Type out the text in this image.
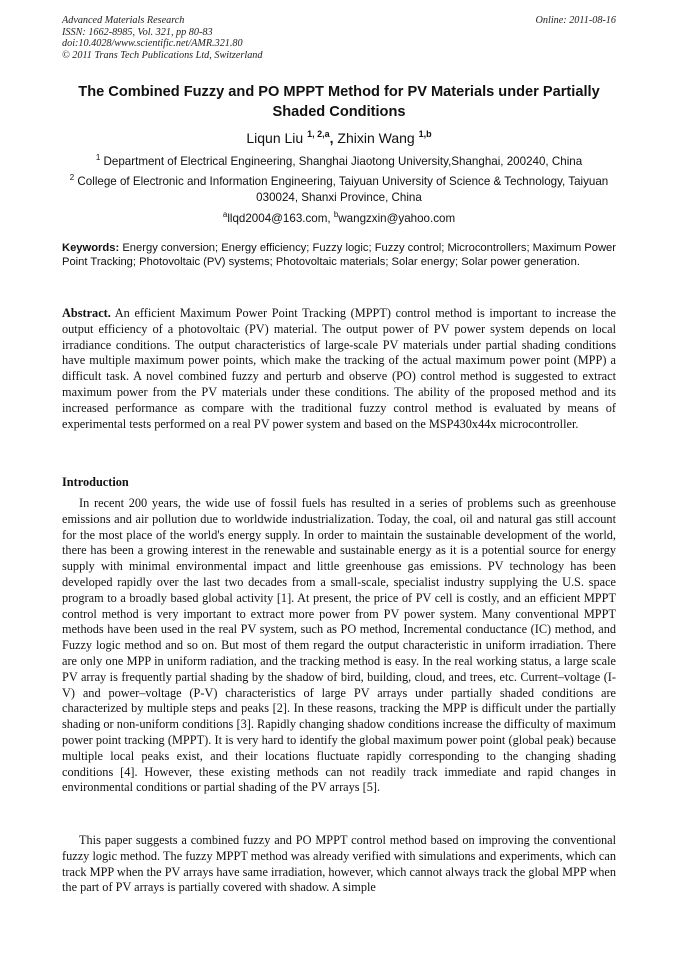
Advanced Materials Research
ISSN: 1662-8985, Vol. 321, pp 80-83
doi:10.4028/www.scientific.net/AMR.321.80
© 2011 Trans Tech Publications Ltd, Switzerland
Online: 2011-08-16
The Combined Fuzzy and PO MPPT Method for PV Materials under Partially Shaded Conditions
Liqun Liu $^{1, 2,a}$, Zhixin Wang $^{1,b}$
$^1$ Department of Electrical Engineering, Shanghai Jiaotong University,Shanghai, 200240, China
$^2$ College of Electronic and Information Engineering, Taiyuan University of Science & Technology, Taiyuan 030024, Shanxi Province, China
$^a$llqd2004@163.com, $^b$wangzxin@yahoo.com
Keywords: Energy conversion; Energy efficiency; Fuzzy logic; Fuzzy control; Microcontrollers; Maximum Power Point Tracking; Photovoltaic (PV) systems; Photovoltaic materials; Solar energy; Solar power generation.

Abstract. An efficient Maximum Power Point Tracking (MPPT) control method is important to increase the output efficiency of a photovoltaic (PV) material. The output power of PV power system depends on local irradiance conditions. The output characteristics of large-scale PV materials under partial shading conditions have multiple maximum power points, which make the tracking of the actual maximum power point (MPP) a difficult task. A novel combined fuzzy and perturb and observe (PO) control method is suggested to extract maximum power from the PV materials under these conditions. The ability of the proposed method and its increased performance as compare with the traditional fuzzy control method is evaluated by means of experimental tests performed on a real PV power system and based on the MSP430x44x microcontroller.

Introduction

In recent 200 years, the wide use of fossil fuels has resulted in a series of problems such as greenhouse emissions and air pollution due to worldwide industrialization. Today, the coal, oil and natural gas still account for the most place of the world's energy supply. In order to maintain the sustainable development of the world, there has been a growing interest in the renewable and sustainable energy as it is a potential source for energy supply with minimal environmental impact and little greenhouse gas emissions. PV technology has been developed rapidly over the last two decades from a small-scale, specialist industry supplying the U.S. space program to a broadly based global activity [1]. At present, the price of PV cell is costly, and an efficient MPPT control method is very important to extract more power from PV power system. Many conventional MPPT methods have been used in the real PV system, such as PO method, Incremental conductance (IC) method, and Fuzzy logic method and so on. But most of them regard the output characteristic in uniform irradiation. There are only one MPP in uniform radiation, and the tracking method is easy. In the real working status, a large scale PV array is frequently partial shading by the shadow of bird, building, cloud, and trees, etc. Current–voltage (I-V) and power–voltage (P-V) characteristics of large PV arrays under partially shaded conditions are characterized by multiple steps and peaks [2]. In these reasons, tracking the MPP is difficult under the partially shading or non-uniform conditions [3]. Rapidly changing shadow conditions increase the difficulty of maximum power point tracking (MPPT). It is very hard to identify the global maximum power point (global peak) because multiple local peaks exist, and their locations fluctuate rapidly corresponding to the changing shading conditions [4]. However, these existing methods can not readily track immediate and rapid changes in environmental conditions or partial shading of the PV arrays [5].

This paper suggests a combined fuzzy and PO MPPT control method based on improving the conventional fuzzy logic method. The fuzzy MPPT method was already verified with simulations and experiments, which can track MPP when the PV arrays have same irradiation, however, which cannot always track the global MPP when the part of PV arrays is partially covered with shadow. A simple
